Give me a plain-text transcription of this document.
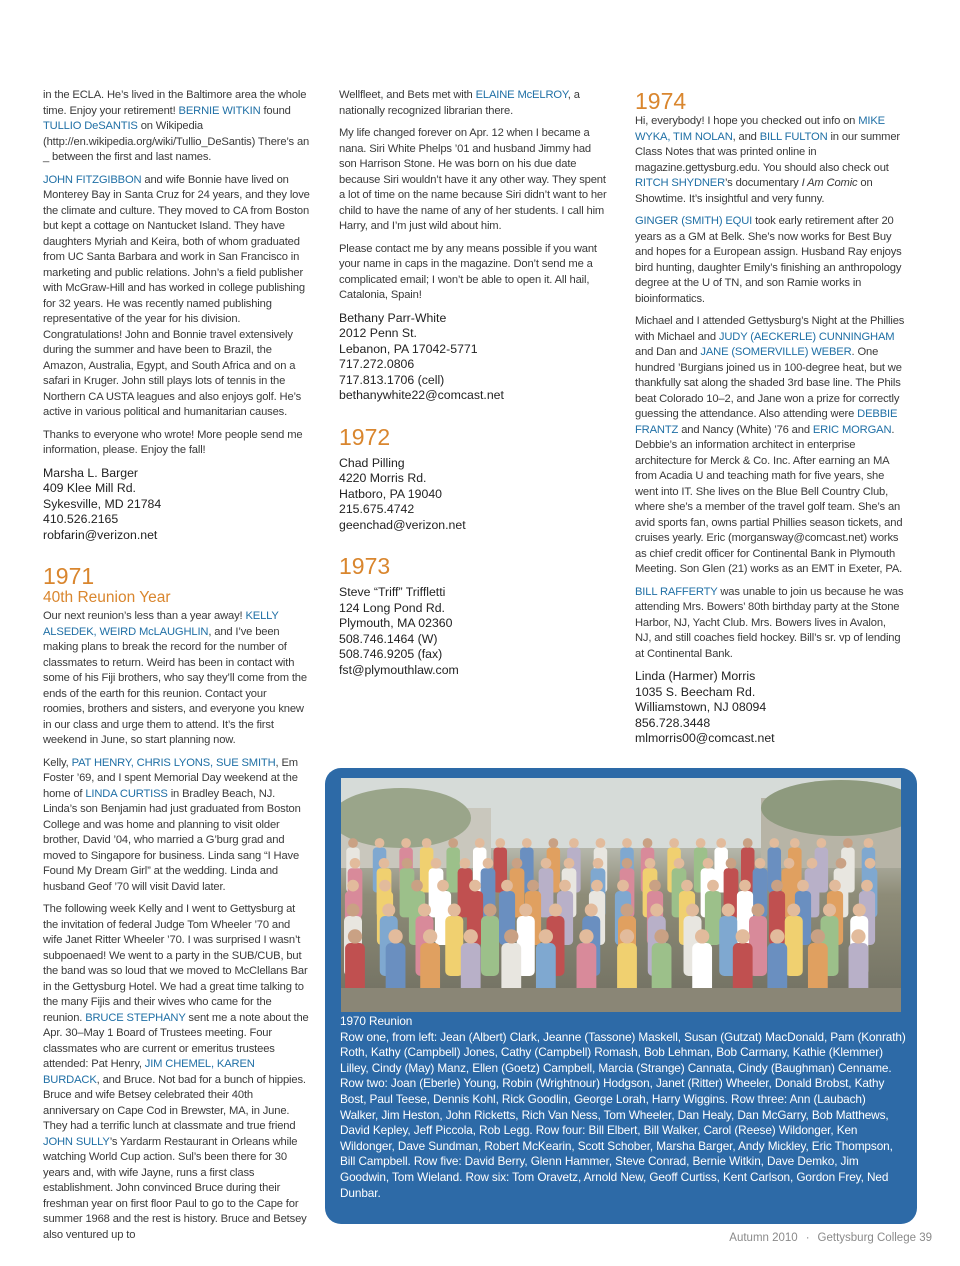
in the ECLA. He’s lived in the Baltimore area the whole time. Enjoy your retirement! BERNIE WITKIN found TULLIO DeSANTIS on Wikipedia (http://en.wikipedia.org/wiki/Tullio_DeSantis) There’s an _ between the first and last names.

JOHN FITZGIBBON and wife Bonnie have lived on Monterey Bay in Santa Cruz for 24 years, and they love the climate and culture. They moved to CA from Boston but kept a cottage on Nantucket Island. They have daughters Myriah and Keira, both of whom graduated from UC Santa Barbara and work in San Francisco in marketing and public relations. John’s a field publisher with McGraw-Hill and has worked in college publishing for 32 years. He was recently named publishing representative of the year for his division. Congratulations! John and Bonnie travel extensively during the summer and have been to Brazil, the Amazon, Australia, Egypt, and South Africa and on a safari in Kruger. John still plays lots of tennis in the Northern CA USTA leagues and also enjoys golf. He’s active in various political and humanitarian causes.

Thanks to everyone who wrote! More people send me information, please. Enjoy the fall!

Marsha L. Barger
409 Klee Mill Rd.
Sykesville, MD 21784
410.526.2165
robfarin@verizon.net
1971
40th Reunion Year

Our next reunion’s less than a year away! KELLY ALSEDEK, WEIRD McLAUGHLIN, and I’ve been making plans to break the record for the number of classmates to return. Weird has been in contact with some of his Fiji brothers, who say they’ll come from the ends of the earth for this reunion. Contact your roomies, brothers and sisters, and everyone you knew in our class and urge them to attend. It’s the first weekend in June, so start planning now.

Kelly, PAT HENRY, CHRIS LYONS, SUE SMITH, Em Foster ’69, and I spent Memorial Day weekend at the home of LINDA CURTISS in Bradley Beach, NJ. Linda’s son Benjamin had just graduated from Boston College and was home and planning to visit older brother, David ’04, who married a G’burg grad and moved to Singapore for business. Linda sang “I Have Found My Dream Girl” at the wedding. Linda and husband Geof ’70 will visit David later.

The following week Kelly and I went to Gettysburg at the invitation of federal Judge Tom Wheeler ’70 and wife Janet Ritter Wheeler ’70. I was surprised I wasn’t subpoenaed! We went to a party in the SUB/CUB, but the band was so loud that we moved to McClellans Bar in the Gettysburg Hotel. We had a great time talking to the many Fijis and their wives who came for the reunion. BRUCE STEPHANY sent me a note about the Apr. 30–May 1 Board of Trustees meeting. Four classmates who are current or emeritus trustees attended: Pat Henry, JIM CHEMEL, KAREN BURDACK, and Bruce. Not bad for a bunch of hippies. Bruce and wife Betsey celebrated their 40th anniversary on Cape Cod in Brewster, MA, in June. They had a terrific lunch at classmate and true friend JOHN SULLY’s Yardarm Restaurant in Orleans while watching World Cup action. Sul’s been there for 30 years and, with wife Jayne, runs a first class establishment. John convinced Bruce during their freshman year on first floor Paul to go to the Cape for summer 1968 and the rest is history. Bruce and Betsey also ventured up to

Wellfleet, and Bets met with ELAINE McELROY, a nationally recognized librarian there.

My life changed forever on Apr. 12 when I became a nana. Siri White Phelps ’01 and husband Jimmy had son Harrison Stone. He was born on his due date because Siri wouldn’t have it any other way. They spent a lot of time on the name because Siri didn’t want to her child to have the name of any of her students. I call him Harry, and I’m just wild about him.

Please contact me by any means possible if you want your name in caps in the magazine. Don’t send me a complicated email; I won’t be able to open it. All hail, Catalonia, Spain!

Bethany Parr-White
2012 Penn St.
Lebanon, PA 17042-5771
717.272.0806
717.813.1706 (cell)
bethanywhite22@comcast.net
1972
Chad Pilling
4220 Morris Rd.
Hatboro, PA 19040
215.675.4742
geenchad@verizon.net
1973
Steve “Triff” Triffletti
124 Long Pond Rd.
Plymouth, MA 02360
508.746.1464 (W)
508.746.9205 (fax)
fst@plymouthlaw.com
1974

Hi, everybody! I hope you checked out info on MIKE WYKA, TIM NOLAN, and BILL FULTON in our summer Class Notes that was printed online in magazine.gettysburg.edu. You should also check out RITCH SHYDNER’s documentary I Am Comic on Showtime. It’s insightful and very funny.

GINGER (SMITH) EQUI took early retirement after 20 years as a GM at Belk. She’s now works for Best Buy and hopes for a European assign. Husband Ray enjoys bird hunting, daughter Emily’s finishing an anthropology degree at the U of TN, and son Ramie works in bioinformatics.

Michael and I attended Gettysburg’s Night at the Phillies with Michael and JUDY (AECKERLE) CUNNINGHAM and Dan and JANE (SOMERVILLE) WEBER. One hundred ’Burgians joined us in 100-degree heat, but we thankfully sat along the shaded 3rd base line. The Phils beat Colorado 10–2, and Jane won a prize for correctly guessing the attendance. Also attending were DEBBIE FRANTZ and Nancy (White) ’76 and ERIC MORGAN. Debbie’s an information architect in enterprise architecture for Merck & Co. Inc. After earning an MA from Acadia U and teaching math for five years, she went into IT. She lives on the Blue Bell Country Club, where she’s a member of the travel golf team. She’s an avid sports fan, owns partial Phillies season tickets, and cruises yearly. Eric (morgansway@comcast.net) works as chief credit officer for Continental Bank in Plymouth Meeting. Son Glen (21) works as an EMT in Exeter, PA.

BILL RAFFERTY was unable to join us because he was attending Mrs. Bowers’ 80th birthday party at the Stone Harbor, NJ, Yacht Club. Mrs. Bowers lives in Avalon, NJ, and still coaches field hockey. Bill’s sr. vp of lending at Continental Bank.

Linda (Harmer) Morris
1035 S. Beecham Rd.
Williamstown, NJ 08094
856.728.3448
mlmorris00@comcast.net
1970 Reunion
Row one, from left: Jean (Albert) Clark, Jeanne (Tassone) Maskell, Susan (Gutzat) MacDonald, Pam (Konrath) Roth, Kathy (Campbell) Jones, Cathy (Campbell) Romash, Bob Lehman, Bob Carmany, Kathie (Klemmer) Lilley, Cindy (May) Manz, Ellen (Goetz) Campbell, Marcia (Strange) Cannata, Cindy (Baughman) Cenname. Row two: Joan (Eberle) Young, Robin (Wrightnour) Hodgson, Janet (Ritter) Wheeler, Donald Brobst, Kathy Bost, Paul Teese, Dennis Kohl, Rick Goodlin, George Lorah, Harry Wiggins. Row three: Ann (Laubach) Walker, Jim Heston, John Ricketts, Rich Van Ness, Tom Wheeler, Dan Healy, Dan McGarry, Bob Matthews, David Kepley, Jeff Piccola, Rob Legg. Row four: Bill Elbert, Bill Walker, Carol (Reese) Wildonger, Ken Wildonger, Dave Sundman, Robert McKearin, Scott Schober, Marsha Barger, Andy Mickley, Eric Thompson, Bill Campbell. Row five: David Berry, Glenn Hammer, Steve Conrad, Bernie Witkin, Dave Demko, Jim Goodwin, Tom Wieland. Row six: Tom Oravetz, Arnold New, Geoff Curtiss, Kent Carlson, Gordon Frey, Ned Dunbar.
Autumn 2010 · Gettysburg College 39
